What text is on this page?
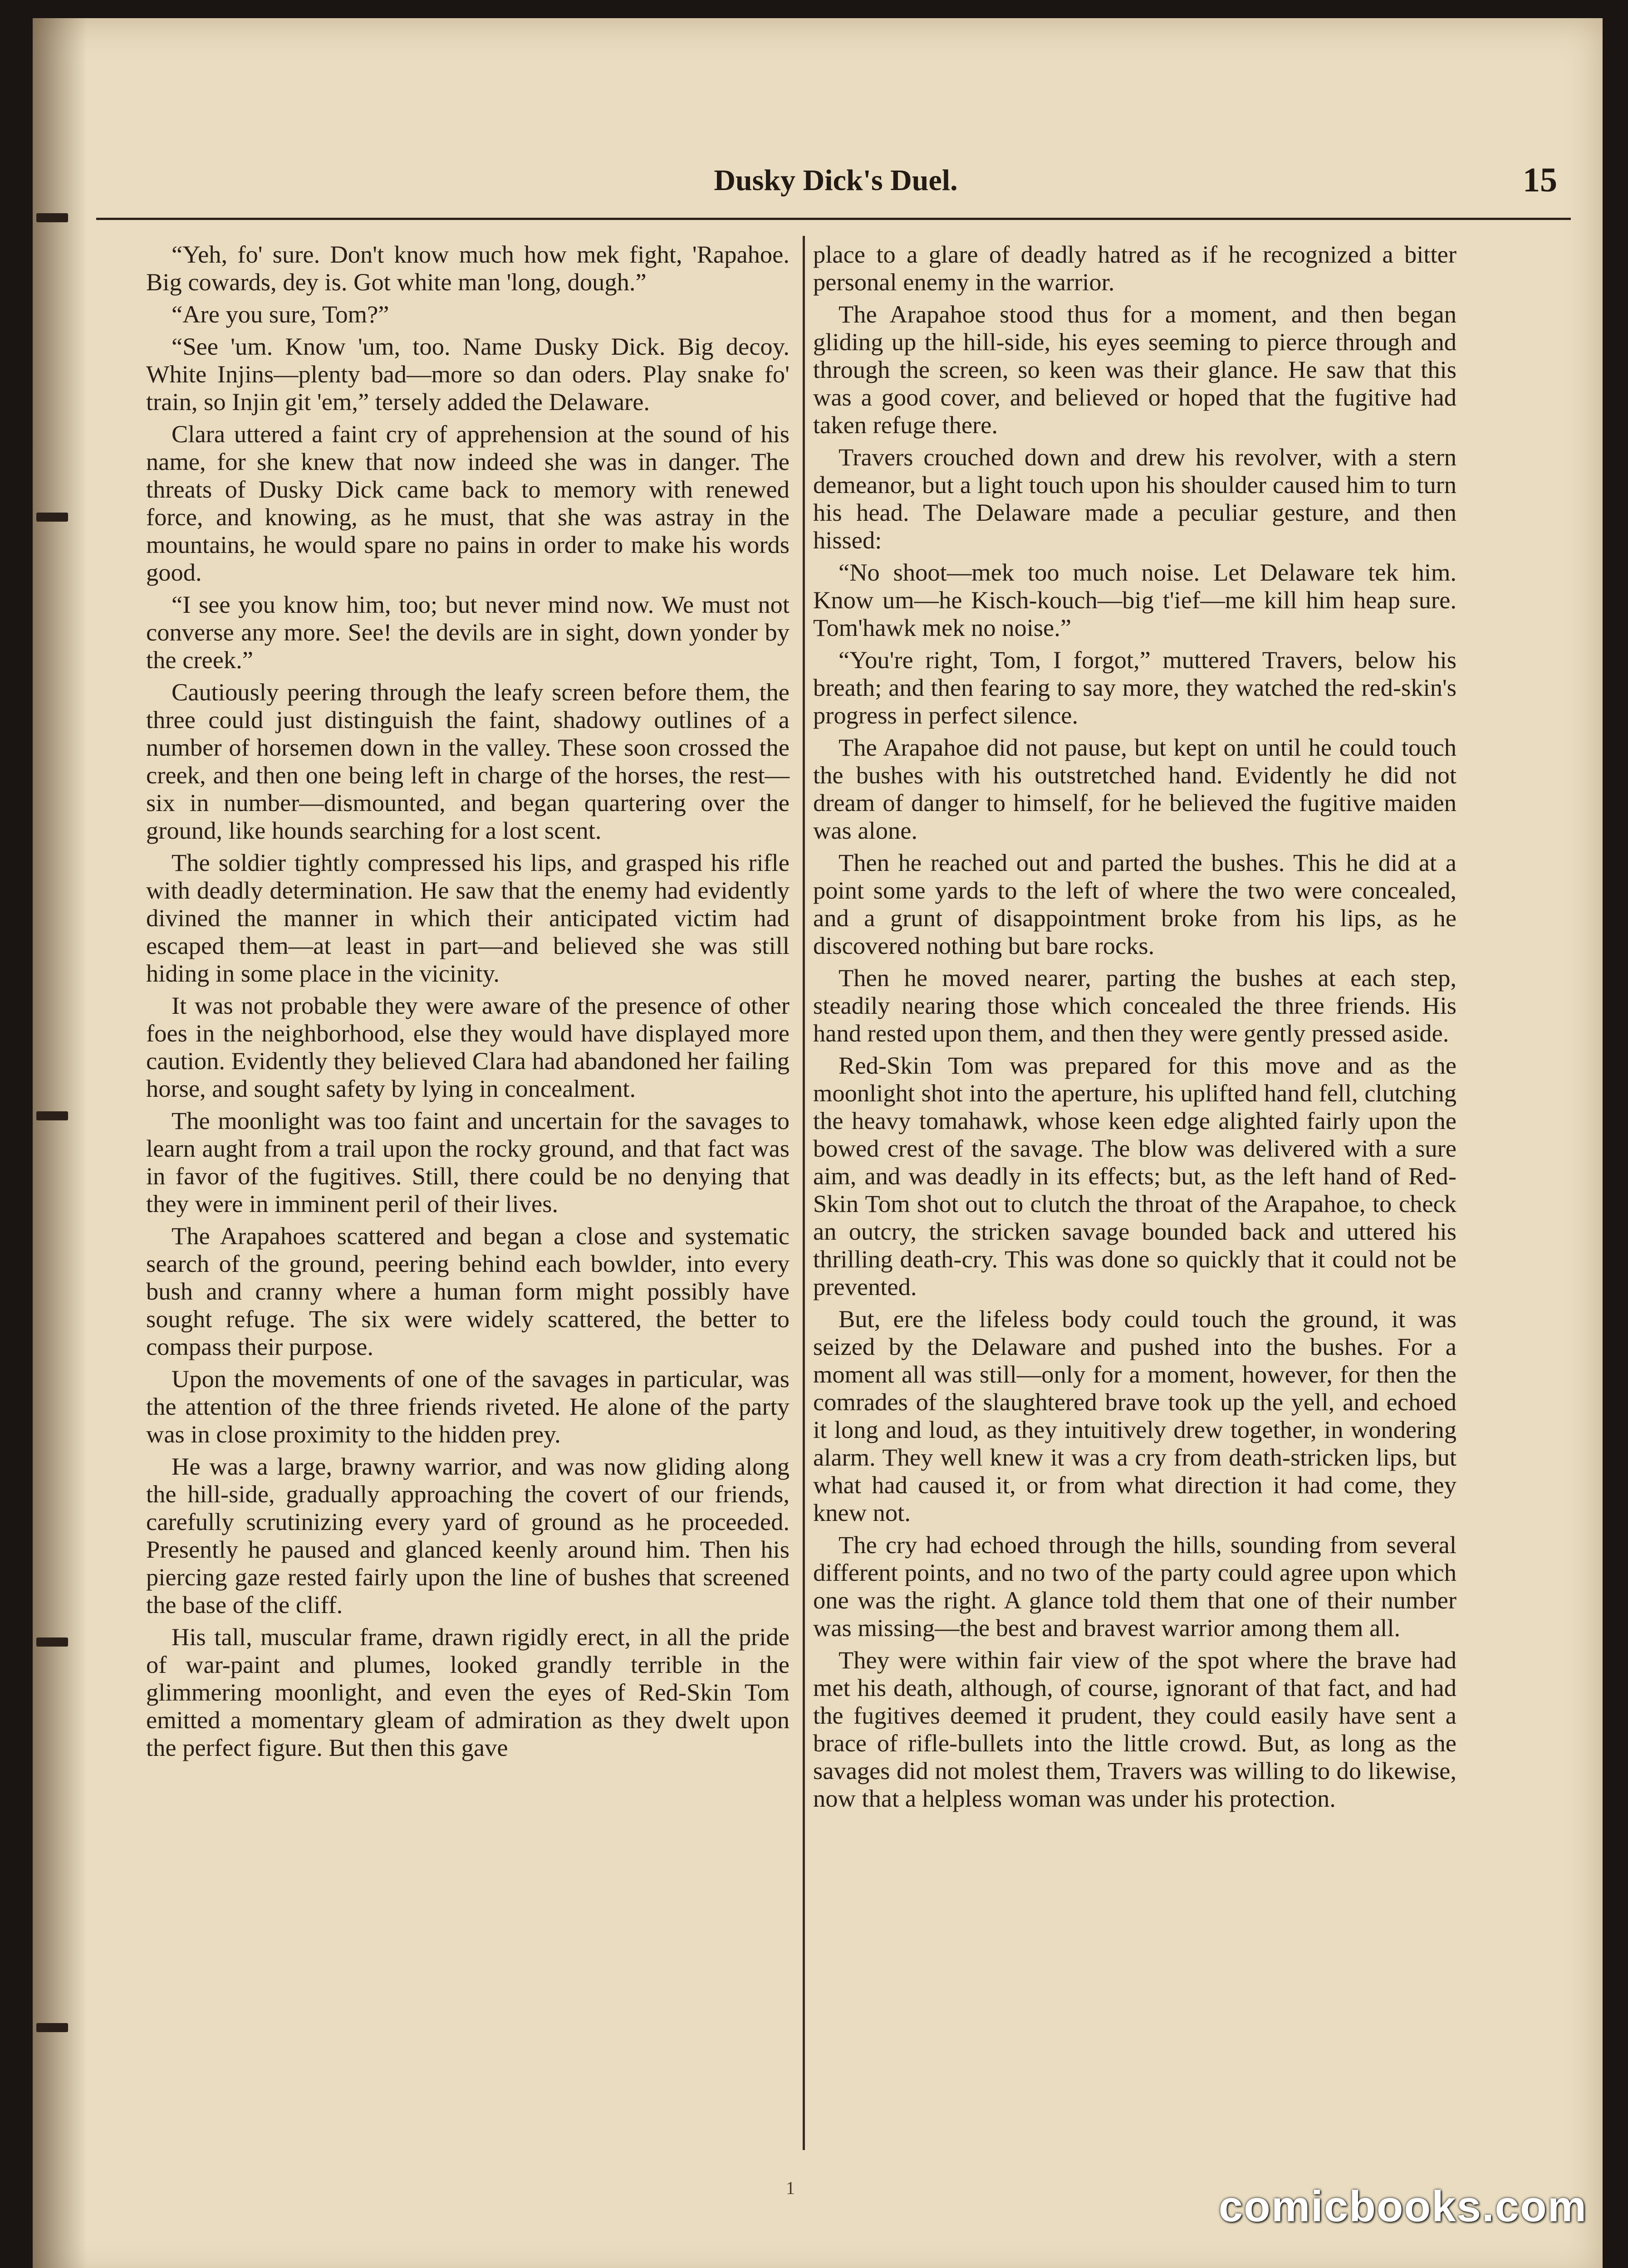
Dusky Dick's Duel.	15

“Yeh, fo' sure. Don't know much how mek fight, 'Rapahoe. Big cowards, dey is. Got white man 'long, dough.”

“Are you sure, Tom?”

“See 'um. Know 'um, too. Name Dusky Dick. Big decoy. White Injins—plenty bad—more so dan oders. Play snake fo' train, so Injin git 'em,” tersely added the Delaware.

Clara uttered a faint cry of apprehension at the sound of his name, for she knew that now indeed she was in danger. The threats of Dusky Dick came back to memory with renewed force, and knowing, as he must, that she was astray in the mountains, he would spare no pains in order to make his words good.

“I see you know him, too; but never mind now. We must not converse any more. See! the devils are in sight, down yonder by the creek.”

Cautiously peering through the leafy screen before them, the three could just distinguish the faint, shadowy outlines of a number of horsemen down in the valley. These soon crossed the creek, and then one being left in charge of the horses, the rest—six in number—dismounted, and began quartering over the ground, like hounds searching for a lost scent.

The soldier tightly compressed his lips, and grasped his rifle with deadly determination. He saw that the enemy had evidently divined the manner in which their anticipated victim had escaped them—at least in part—and believed she was still hiding in some place in the vicinity.

It was not probable they were aware of the presence of other foes in the neighborhood, else they would have displayed more caution. Evidently they believed Clara had abandoned her failing horse, and sought safety by lying in concealment.

The moonlight was too faint and uncertain for the savages to learn aught from a trail upon the rocky ground, and that fact was in favor of the fugitives. Still, there could be no denying that they were in imminent peril of their lives.

The Arapahoes scattered and began a close and systematic search of the ground, peering behind each bowlder, into every bush and cranny where a human form might possibly have sought refuge. The six were widely scattered, the better to compass their purpose.

Upon the movements of one of the savages in particular, was the attention of the three friends riveted. He alone of the party was in close proximity to the hidden prey.

He was a large, brawny warrior, and was now gliding along the hill-side, gradually approaching the covert of our friends, carefully scrutinizing every yard of ground as he proceeded. Presently he paused and glanced keenly around him. Then his piercing gaze rested fairly upon the line of bushes that screened the base of the cliff.

His tall, muscular frame, drawn rigidly erect, in all the pride of war-paint and plumes, looked grandly terrible in the glimmering moonlight, and even the eyes of Red-Skin Tom emitted a momentary gleam of admiration as they dwelt upon the perfect figure. But then this gave

place to a glare of deadly hatred as if he recognized a bitter personal enemy in the warrior.

The Arapahoe stood thus for a moment, and then began gliding up the hill-side, his eyes seeming to pierce through and through the screen, so keen was their glance. He saw that this was a good cover, and believed or hoped that the fugitive had taken refuge there.

Travers crouched down and drew his revolver, with a stern demeanor, but a light touch upon his shoulder caused him to turn his head. The Delaware made a peculiar gesture, and then hissed:

“No shoot—mek too much noise. Let Delaware tek him. Know um—he Kisch-kouch—big t'ief—me kill him heap sure. Tom'hawk mek no noise.”

“You're right, Tom, I forgot,” muttered Travers, below his breath; and then fearing to say more, they watched the red-skin's progress in perfect silence.

The Arapahoe did not pause, but kept on until he could touch the bushes with his outstretched hand. Evidently he did not dream of danger to himself, for he believed the fugitive maiden was alone.

Then he reached out and parted the bushes. This he did at a point some yards to the left of where the two were concealed, and a grunt of disappointment broke from his lips, as he discovered nothing but bare rocks.

Then he moved nearer, parting the bushes at each step, steadily nearing those which concealed the three friends. His hand rested upon them, and then they were gently pressed aside.

Red-Skin Tom was prepared for this move and as the moonlight shot into the aperture, his uplifted hand fell, clutching the heavy tomahawk, whose keen edge alighted fairly upon the bowed crest of the savage. The blow was delivered with a sure aim, and was deadly in its effects; but, as the left hand of Red-Skin Tom shot out to clutch the throat of the Arapahoe, to check an outcry, the stricken savage bounded back and uttered his thrilling death-cry. This was done so quickly that it could not be prevented.

But, ere the lifeless body could touch the ground, it was seized by the Delaware and pushed into the bushes. For a moment all was still—only for a moment, however, for then the comrades of the slaughtered brave took up the yell, and echoed it long and loud, as they intuitively drew together, in wondering alarm. They well knew it was a cry from death-stricken lips, but what had caused it, or from what direction it had come, they knew not.

The cry had echoed through the hills, sounding from several different points, and no two of the party could agree upon which one was the right. A glance told them that one of their number was missing—the best and bravest warrior among them all.

They were within fair view of the spot where the brave had met his death, although, of course, ignorant of that fact, and had the fugitives deemed it prudent, they could easily have sent a brace of rifle-bullets into the little crowd. But, as long as the savages did not molest them, Travers was willing to do likewise, now that a helpless woman was under his protection.

1	comicbooks.com
